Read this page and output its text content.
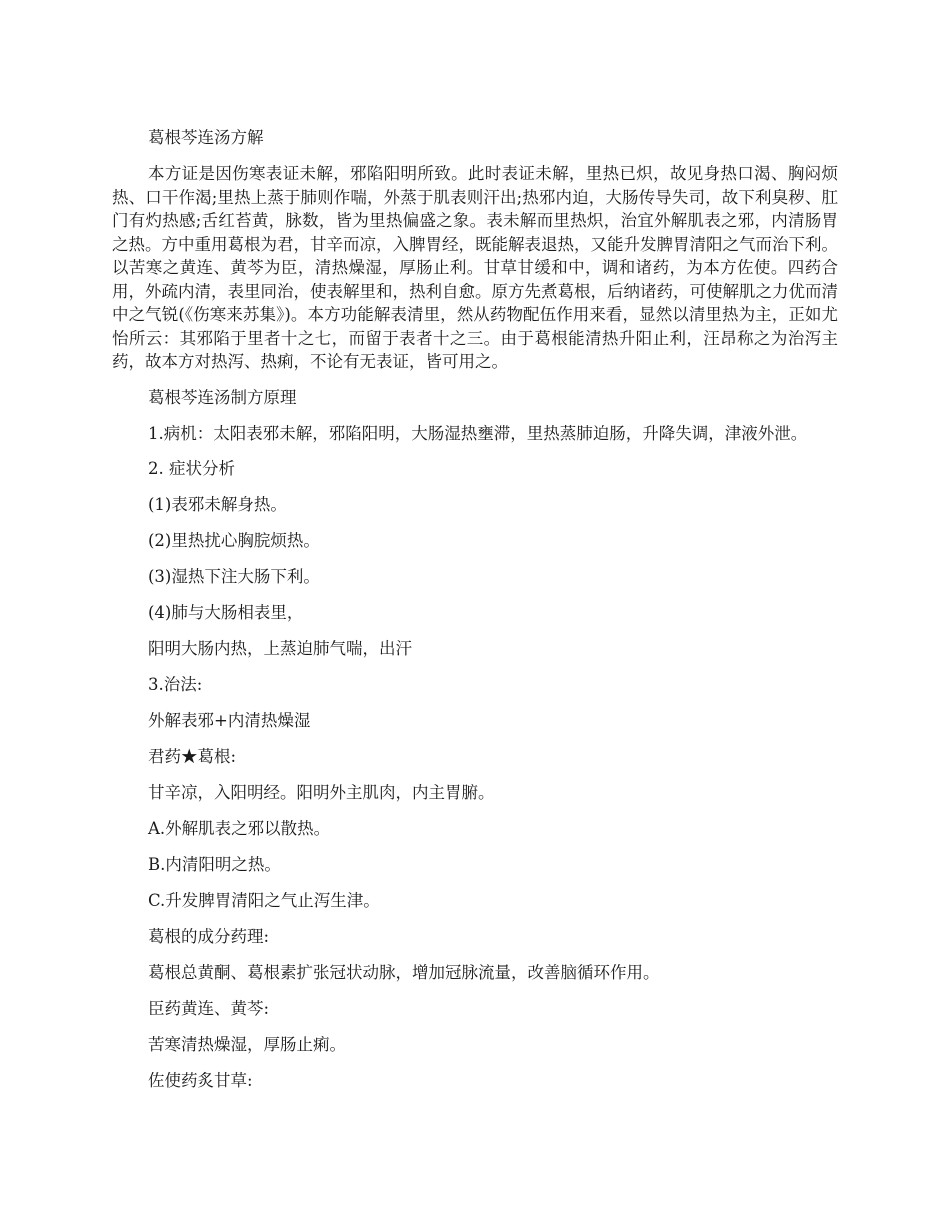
葛根芩连汤方解

本方证是因伤寒表证未解，邪陷阳明所致。此时表证未解，里热已炽，故见身热口渴、胸闷烦热、口干作渴;里热上蒸于肺则作喘，外蒸于肌表则汗出;热邪内迫，大肠传导失司，故下利臭秽、肛门有灼热感;舌红苔黄，脉数，皆为里热偏盛之象。表未解而里热炽，治宜外解肌表之邪，内清肠胃之热。方中重用葛根为君，甘辛而凉，入脾胃经，既能解表退热，又能升发脾胃清阳之气而治下利。以苦寒之黄连、黄芩为臣，清热燥湿，厚肠止利。甘草甘缓和中，调和诸药，为本方佐使。四药合用，外疏内清，表里同治，使表解里和，热利自愈。原方先煮葛根，后纳诸药，可使解肌之力优而清中之气锐(《伤寒来苏集》)。本方功能解表清里，然从药物配伍作用来看，显然以清里热为主，正如尤怡所云：其邪陷于里者十之七，而留于表者十之三。由于葛根能清热升阳止利，汪昂称之为治泻主药，故本方对热泻、热痢，不论有无表证，皆可用之。

葛根芩连汤制方原理

1.病机：太阳表邪未解，邪陷阳明，大肠湿热壅滞，里热蒸肺迫肠，升降失调，津液外泄。

2. 症状分析

(1)表邪未解身热。

(2)里热扰心胸脘烦热。

(3)湿热下注大肠下利。

(4)肺与大肠相表里，

阳明大肠内热，上蒸迫肺气喘，出汗

3.治法:

外解表邪+内清热燥湿

君药★葛根:

甘辛凉，入阳明经。阳明外主肌肉，内主胃腑。

A.外解肌表之邪以散热。

B.内清阳明之热。

C.升发脾胃清阳之气止泻生津。

葛根的成分药理:

葛根总黄酮、葛根素扩张冠状动脉，增加冠脉流量，改善脑循环作用。

臣药黄连、黄芩:

苦寒清热燥湿，厚肠止痢。

佐使药炙甘草:
